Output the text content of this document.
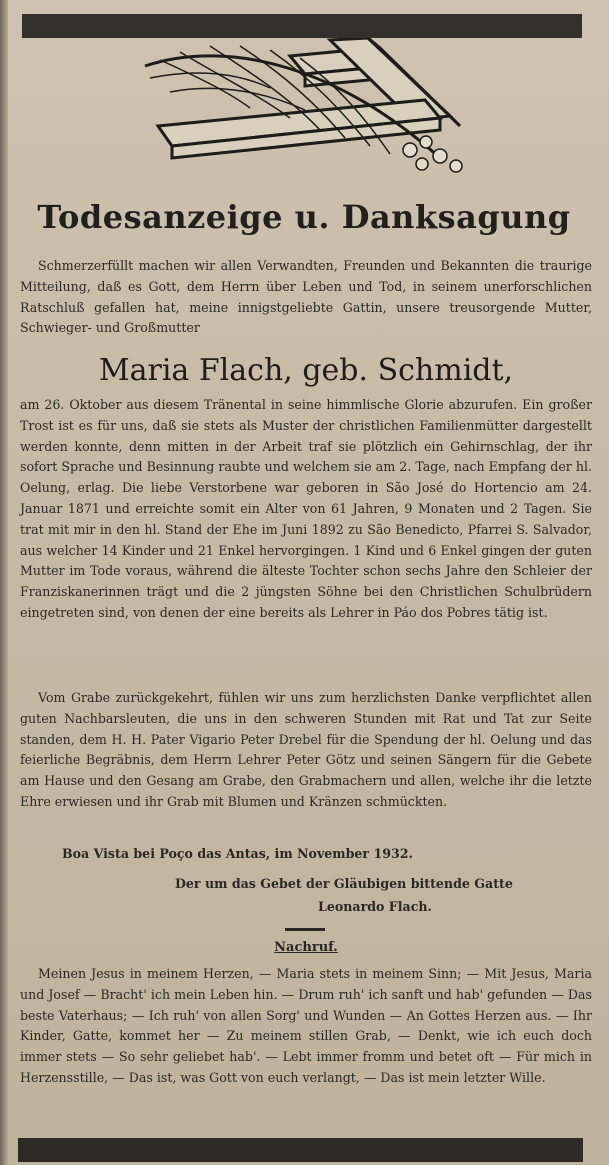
Todesanzeige u. Danksagung
Schmerzerfüllt machen wir allen Verwandten, Freunden und Bekannten die traurige Mitteilung, daß es Gott, dem Herrn über Leben und Tod, in seinem unerforschlichen Ratschluß gefallen hat, meine innigstgeliebte Gattin, unsere treusorgende Mutter, Schwieger- und Großmutter
Maria Flach, geb. Schmidt,
am 26. Oktober aus diesem Tränental in seine himmlische Glorie abzurufen. Ein großer Trost ist es für uns, daß sie stets als Muster der christlichen Familienmütter dargestellt werden konnte, denn mitten in der Arbeit traf sie plötzlich ein Gehirnschlag, der ihr sofort Sprache und Besinnung raubte und welchem sie am 2. Tage, nach Empfang der hl. Oelung, erlag. Die liebe Verstorbene war geboren in São José do Hortencio am 24. Januar 1871 und erreichte somit ein Alter von 61 Jahren, 9 Monaten und 2 Tagen. Sie trat mit mir in den hl. Stand der Ehe im Juni 1892 zu São Benedicto, Pfarrei S. Salvador, aus welcher 14 Kinder und 21 Enkel hervorgingen. 1 Kind und 6 Enkel gingen der guten Mutter im Tode voraus, während die älteste Tochter schon sechs Jahre den Schleier der Franziskanerinnen trägt und die 2 jüngsten Söhne bei den Christlichen Schulbrüdern eingetreten sind, von denen der eine bereits als Lehrer in Páo dos Pobres tätig ist.
Vom Grabe zurückgekehrt, fühlen wir uns zum herzlichsten Danke verpflichtet allen guten Nachbarsleuten, die uns in den schweren Stunden mit Rat und Tat zur Seite standen, dem H. H. Pater Vigario Peter Drebel für die Spendung der hl. Oelung und das feierliche Begräbnis, dem Herrn Lehrer Peter Götz und seinen Sängern für die Gebete am Hause und den Gesang am Grabe, den Grabmachern und allen, welche ihr die letzte Ehre erwiesen und ihr Grab mit Blumen und Kränzen schmückten.
Boa Vista bei Poço das Antas, im November 1932.
Der um das Gebet der Gläubigen bittende Gatte
Leonardo Flach.
Nachruf.
Meinen Jesus in meinem Herzen, — Maria stets in meinem Sinn; — Mit Jesus, Maria und Josef — Bracht' ich mein Leben hin. — Drum ruh' ich sanft und hab' gefunden — Das beste Vaterhaus; — Ich ruh' von allen Sorg' und Wunden — An Gottes Herzen aus. — Ihr Kinder, Gatte, kommet her — Zu meinem stillen Grab, — Denkt, wie ich euch doch immer stets — So sehr geliebet hab'. — Lebt immer fromm und betet oft — Für mich in Herzensstille, — Das ist, was Gott von euch verlangt, — Das ist mein letzter Wille.
